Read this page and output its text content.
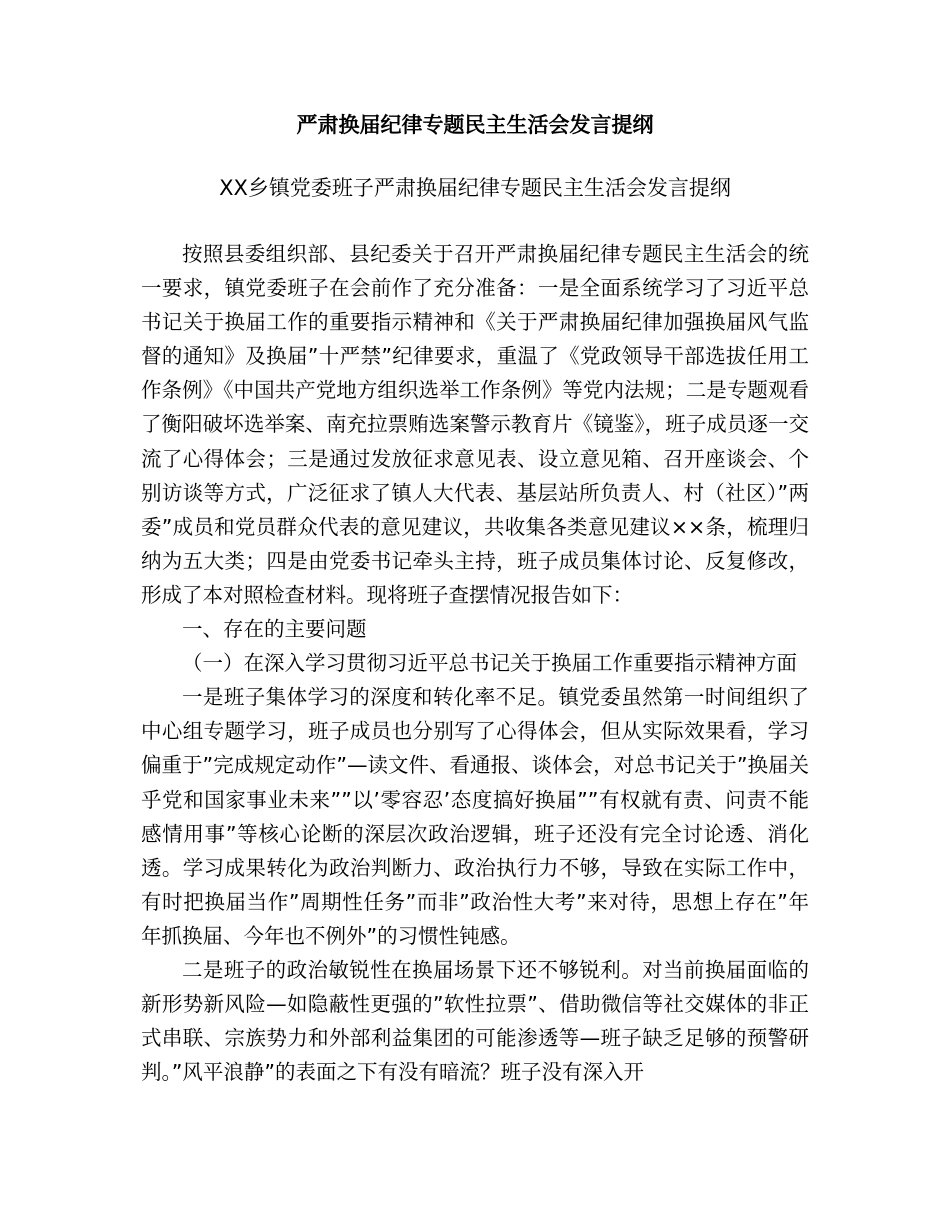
严肃换届纪律专题民主生活会发言提纲
XX乡镇党委班子严肃换届纪律专题民主生活会发言提纲

按照县委组织部、县纪委关于召开严肃换届纪律专题民主生活会的统一要求，镇党委班子在会前作了充分准备：一是全面系统学习了习近平总书记关于换届工作的重要指示精神和《关于严肃换届纪律加强换届风气监督的通知》及换届”十严禁”纪律要求，重温了《党政领导干部选拔任用工作条例》《中国共产党地方组织选举工作条例》等党内法规；二是专题观看了衡阳破坏选举案、南充拉票贿选案警示教育片《镜鉴》，班子成员逐一交流了心得体会；三是通过发放征求意见表、设立意见箱、召开座谈会、个别访谈等方式，广泛征求了镇人大代表、基层站所负责人、村（社区）”两委”成员和党员群众代表的意见建议，共收集各类意见建议××条，梳理归纳为五大类；四是由党委书记牵头主持，班子成员集体讨论、反复修改，形成了本对照检查材料。现将班子查摆情况报告如下：

一、存在的主要问题

（一）在深入学习贯彻习近平总书记关于换届工作重要指示精神方面

一是班子集体学习的深度和转化率不足。镇党委虽然第一时间组织了中心组专题学习，班子成员也分别写了心得体会，但从实际效果看，学习偏重于”完成规定动作”—读文件、看通报、谈体会，对总书记关于”换届关乎党和国家事业未来””以’零容忍’态度搞好换届””有权就有责、问责不能感情用事”等核心论断的深层次政治逻辑，班子还没有完全讨论透、消化透。学习成果转化为政治判断力、政治执行力不够，导致在实际工作中，有时把换届当作”周期性任务”而非”政治性大考”来对待，思想上存在”年年抓换届、今年也不例外”的习惯性钝感。

二是班子的政治敏锐性在换届场景下还不够锐利。对当前换届面临的新形势新风险—如隐蔽性更强的”软性拉票”、借助微信等社交媒体的非正式串联、宗族势力和外部利益集团的可能渗透等—班子缺乏足够的预警研判。”风平浪静”的表面之下有没有暗流？班子没有深入开
